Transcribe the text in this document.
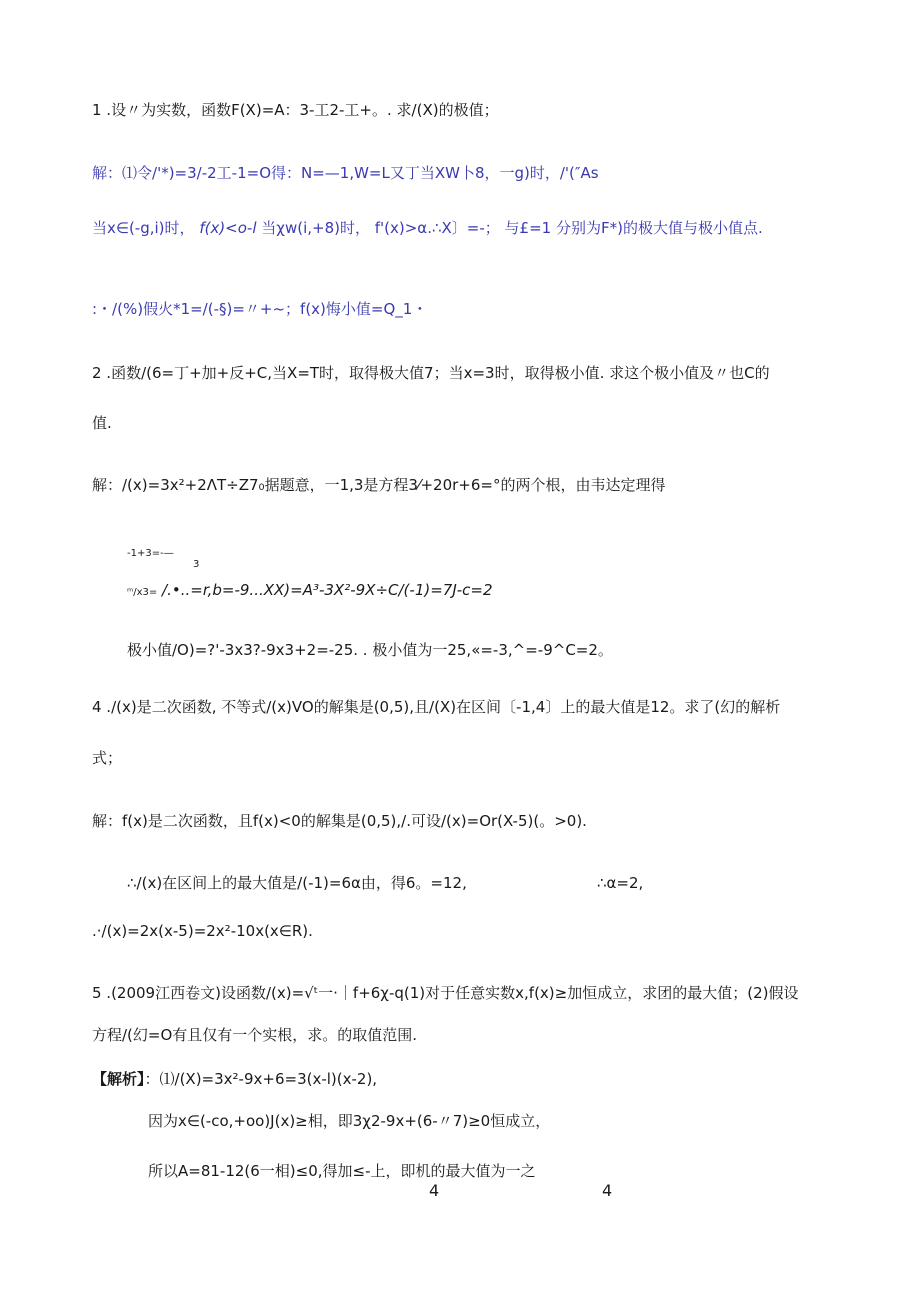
1 .设〃为实数，函数F(X)=A：3-工2-工+。. 求/(X)的极值；
解：⑴令/'*)=3/-2工-1=O得：N=—1,W=L又丁当XW卜8，一g)时，/'(″As
当x∈(-g,i)时， f(x)<o-l 当χw(i,+8)时， f'(x)>α.∴X〕=-； 与£=1 分别为F*)的极大值与极小值点.
:・/(%)假火*1=/(-§)=〃+~；f(x)悔小值=Q_1・
2 .函数/(6=丁+加+反+C,当X=T时，取得极大值7；当x=3时，取得极小值. 求这个极小值及〃也C的
值.
解：/(x)=3x²+2ΛT÷Z7₀据题意，一1,3是方程3⁄+20r+6=°的两个根，由韦达定理得
-1+3=-—
3
ᵐ/x3= /.•..=r,b=-9...XX)=A³-3X²-9X÷C/(-1)=7J-c=2
极小值/O)=?'-3x3?-9x3+2=-25. . 极小值为一25,«=-3,^=-9^C=2。
4 ./(x)是二次函数, 不等式/(x)VO的解集是(0,5),且/(X)在区间〔-1,4〕上的最大值是12。求了(幻的解析
式；
解：f(x)是二次函数，且f(x)<0的解集是(0,5),/.可设/(x)=Or(X-5)(。>0).
∴/(x)在区间上的最大值是/(-1)=6α由，得6。=12,	∴α=2,
.·/(x)=2x(x-5)=2x²-10x(x∈R).
5 .(2009江西卷文)设函数/(x)=√ᵗ一·｜f+6χ-q(1)对于任意实数x,f(x)≥加恒成立，求团的最大值；(2)假设
方程/(幻=O有且仅有一个实根，求。的取值范围.
【解析】：⑴/(X)=3x²-9x+6=3(x-l)(x-2),
因为x∈(-co,+oo)J(x)≥相，即3χ2-9x+(6-〃7)≥0恒成立，
所以A=81-12(6一相)≤0,得加≤-上，即机的最大值为一之
4	4
